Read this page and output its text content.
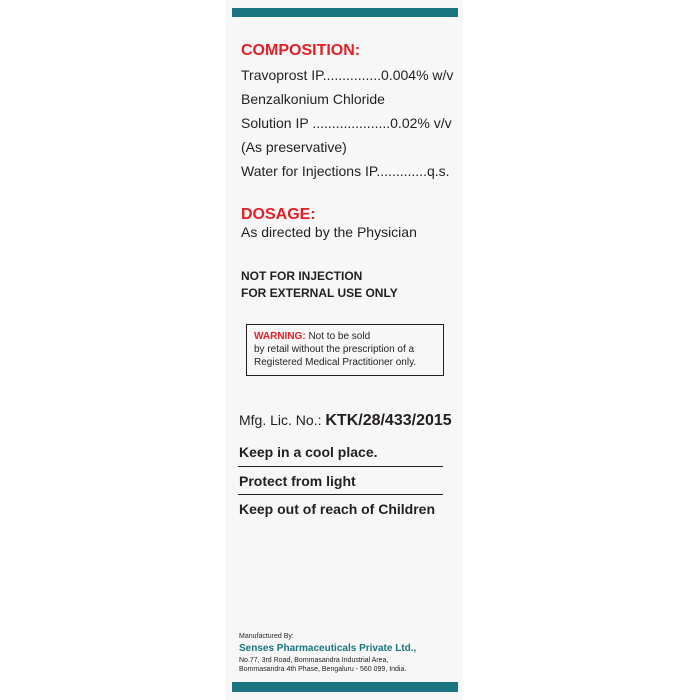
COMPOSITION:
Travoprost IP...............0.004% w/v
Benzalkonium Chloride
Solution IP ....................0.02% v/v
(As preservative)
Water for Injections IP.............q.s.
DOSAGE:
As directed by the Physician
NOT FOR INJECTION
FOR EXTERNAL USE ONLY
WARNING: Not to be sold
by retail without the prescription of a
Registered Medical Practitioner only.
Mfg. Lic. No.: KTK/28/433/2015
Keep in a cool place.
Protect from light
Keep out of reach of Children
Manufactured By:
Senses Pharmaceuticals Private Ltd.,
No.77, 3rd Road, Bommasandra Industrial Area,
Bommasandra 4th Phase, Bengaluru - 560 099, India.
